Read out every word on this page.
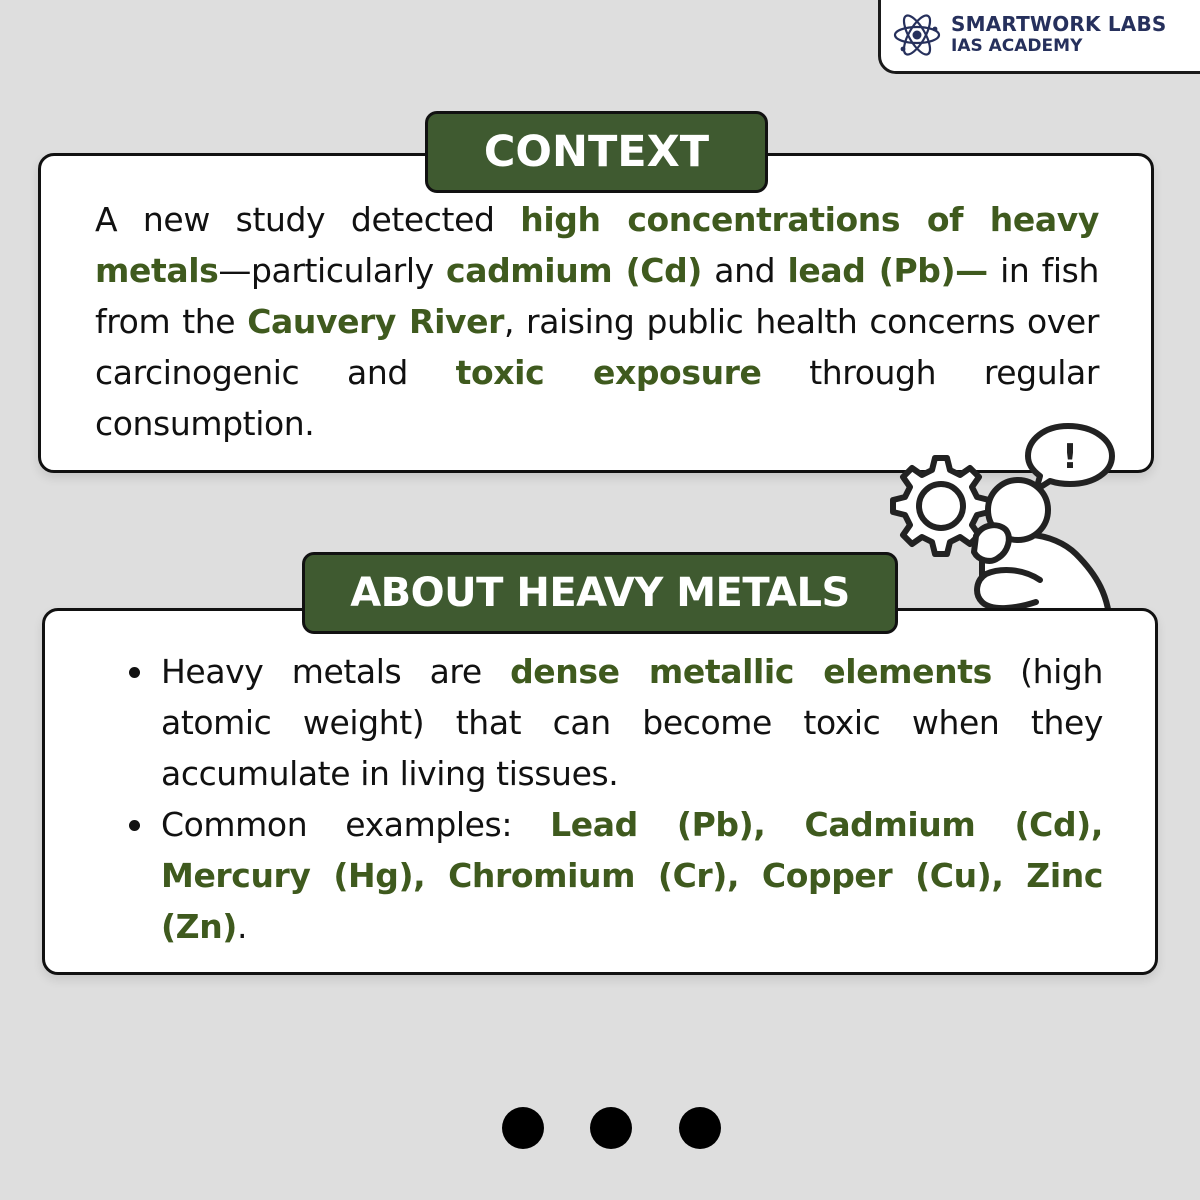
SMARTWORK LABS
IAS ACADEMY
CONTEXT

A new study detected high concentrations of heavy metals—particularly cadmium (Cd) and lead (Pb)— in fish from the Cauvery River, raising public health concerns over carcinogenic and toxic exposure through regular consumption.

!
ABOUT HEAVY METALS
Heavy metals are dense metallic elements (high atomic weight) that can become toxic when they accumulate in living tissues.
Common examples: Lead (Pb), Cadmium (Cd), Mercury (Hg), Chromium (Cr), Copper (Cu), Zinc (Zn).
